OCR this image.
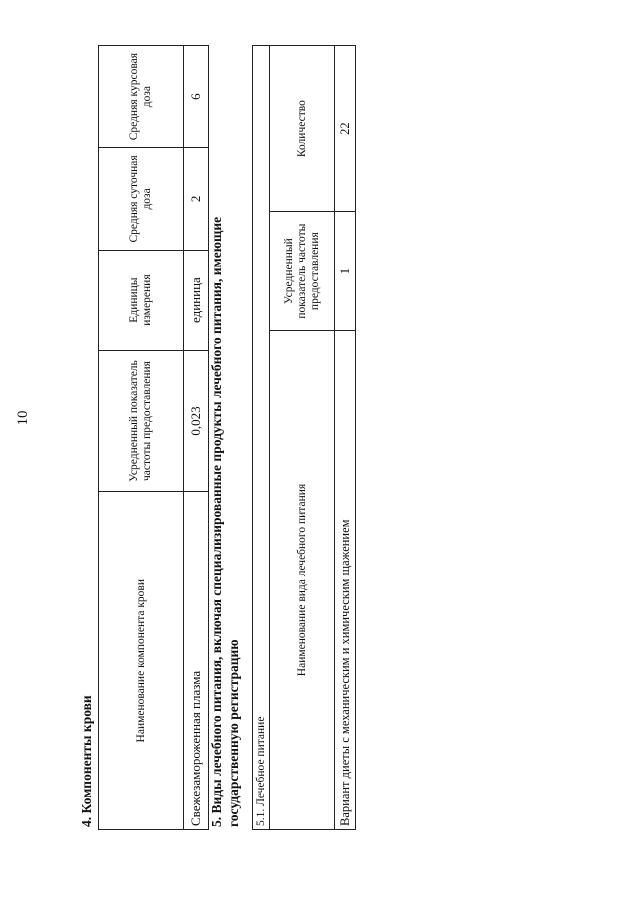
10
4. Компоненты крови
Наименование компонента крови	Усредненный показатель частоты предоставления	Единицы измерения	Средняя суточная доза	Средняя курсовая доза
Свежезамороженная плазма	0,023	единица	2	6
5. Виды лечебного питания, включая специализированные продукты лечебного питания, имеющие государственную регистрацию 5.1. Лечебное питание		
Наименование вида лечебного питания	Усредненный показатель частоты предоставления	Количество
Вариант диеты с механическим и химическим щажением	1	22
